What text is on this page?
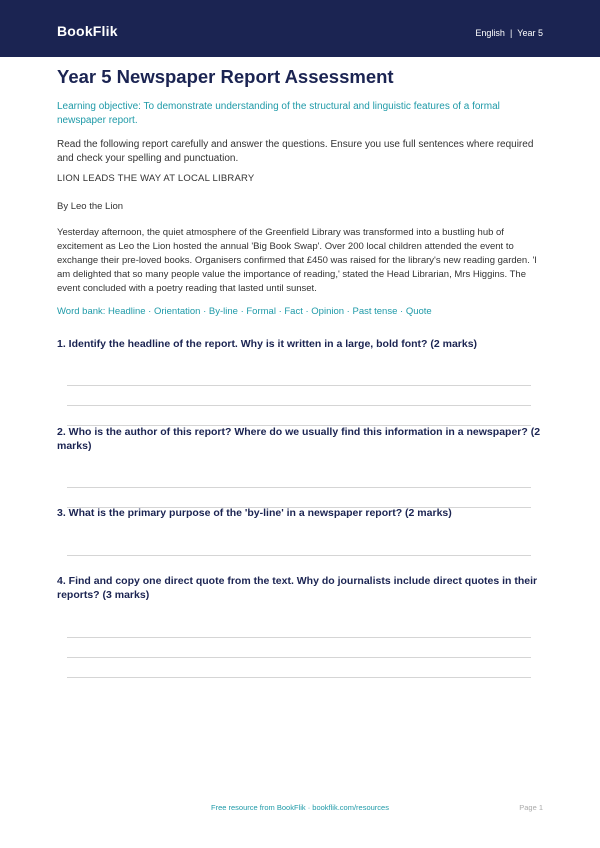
BookFlik	English | Year 5
Year 5 Newspaper Report Assessment

Learning objective: To demonstrate understanding of the structural and linguistic features of a formal newspaper report.

Read the following report carefully and answer the questions. Ensure you use full sentences where required and check your spelling and punctuation.

LION LEADS THE WAY AT LOCAL LIBRARY

By Leo the Lion

Yesterday afternoon, the quiet atmosphere of the Greenfield Library was transformed into a bustling hub of excitement as Leo the Lion hosted the annual 'Big Book Swap'. Over 200 local children attended the event to exchange their pre-loved books. Organisers confirmed that £450 was raised for the library's new reading garden. 'I am delighted that so many people value the importance of reading,' stated the Head Librarian, Mrs Higgins. The event concluded with a poetry reading that lasted until sunset.

Word bank: Headline · Orientation · By-line · Formal · Fact · Opinion · Past tense · Quote

1. Identify the headline of the report. Why is it written in a large, bold font? (2 marks)

2. Who is the author of this report? Where do we usually find this information in a newspaper? (2 marks)

3. What is the primary purpose of the 'by-line' in a newspaper report? (2 marks)

4. Find and copy one direct quote from the text. Why do journalists include direct quotes in their reports? (3 marks)

Free resource from BookFlik · bookflik.com/resources	Page 1
